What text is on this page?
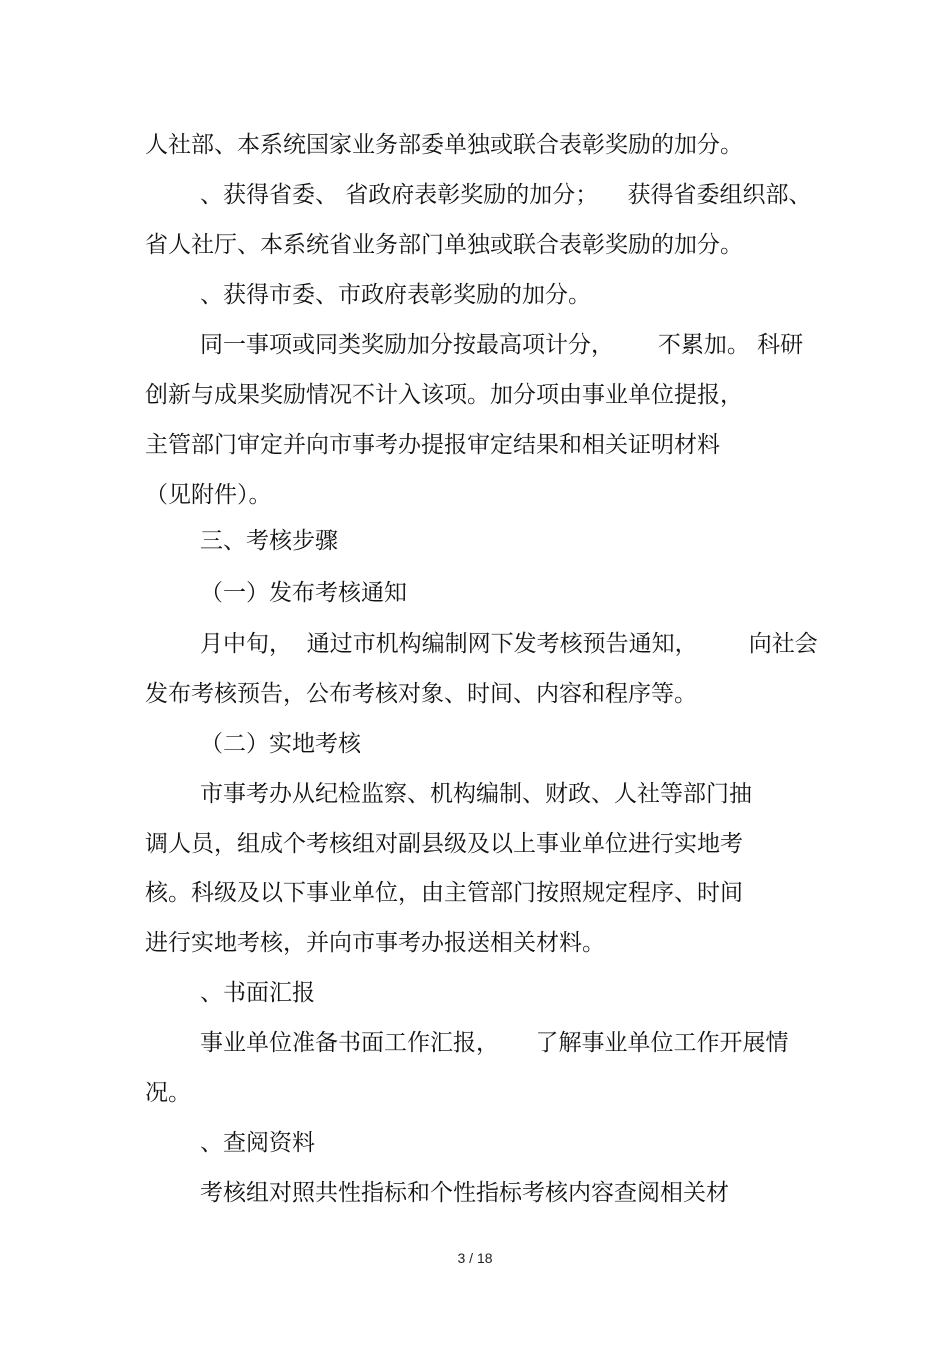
人社部、本系统国家业务部委单独或联合表彰奖励的加分。
、获得省委、 省政府表彰奖励的加分；    获得省委组织部、
省人社厅、本系统省业务部门单独或联合表彰奖励的加分。
、获得市委、市政府表彰奖励的加分。
同一事项或同类奖励加分按最高项计分，      不累加。 科研
创新与成果奖励情况不计入该项。加分项由事业单位提报，
主管部门审定并向市事考办提报审定结果和相关证明材料
（见附件）。
三、考核步骤
（一）发布考核通知
月中旬，  通过市机构编制网下发考核预告通知，       向社会
发布考核预告，公布考核对象、时间、内容和程序等。
（二）实地考核
市事考办从纪检监察、机构编制、财政、人社等部门抽
调人员，组成个考核组对副县级及以上事业单位进行实地考
核。科级及以下事业单位，由主管部门按照规定程序、时间
进行实地考核，并向市事考办报送相关材料。
、书面汇报
事业单位准备书面工作汇报，     了解事业单位工作开展情
况。
、查阅资料
考核组对照共性指标和个性指标考核内容查阅相关材
3 / 18
